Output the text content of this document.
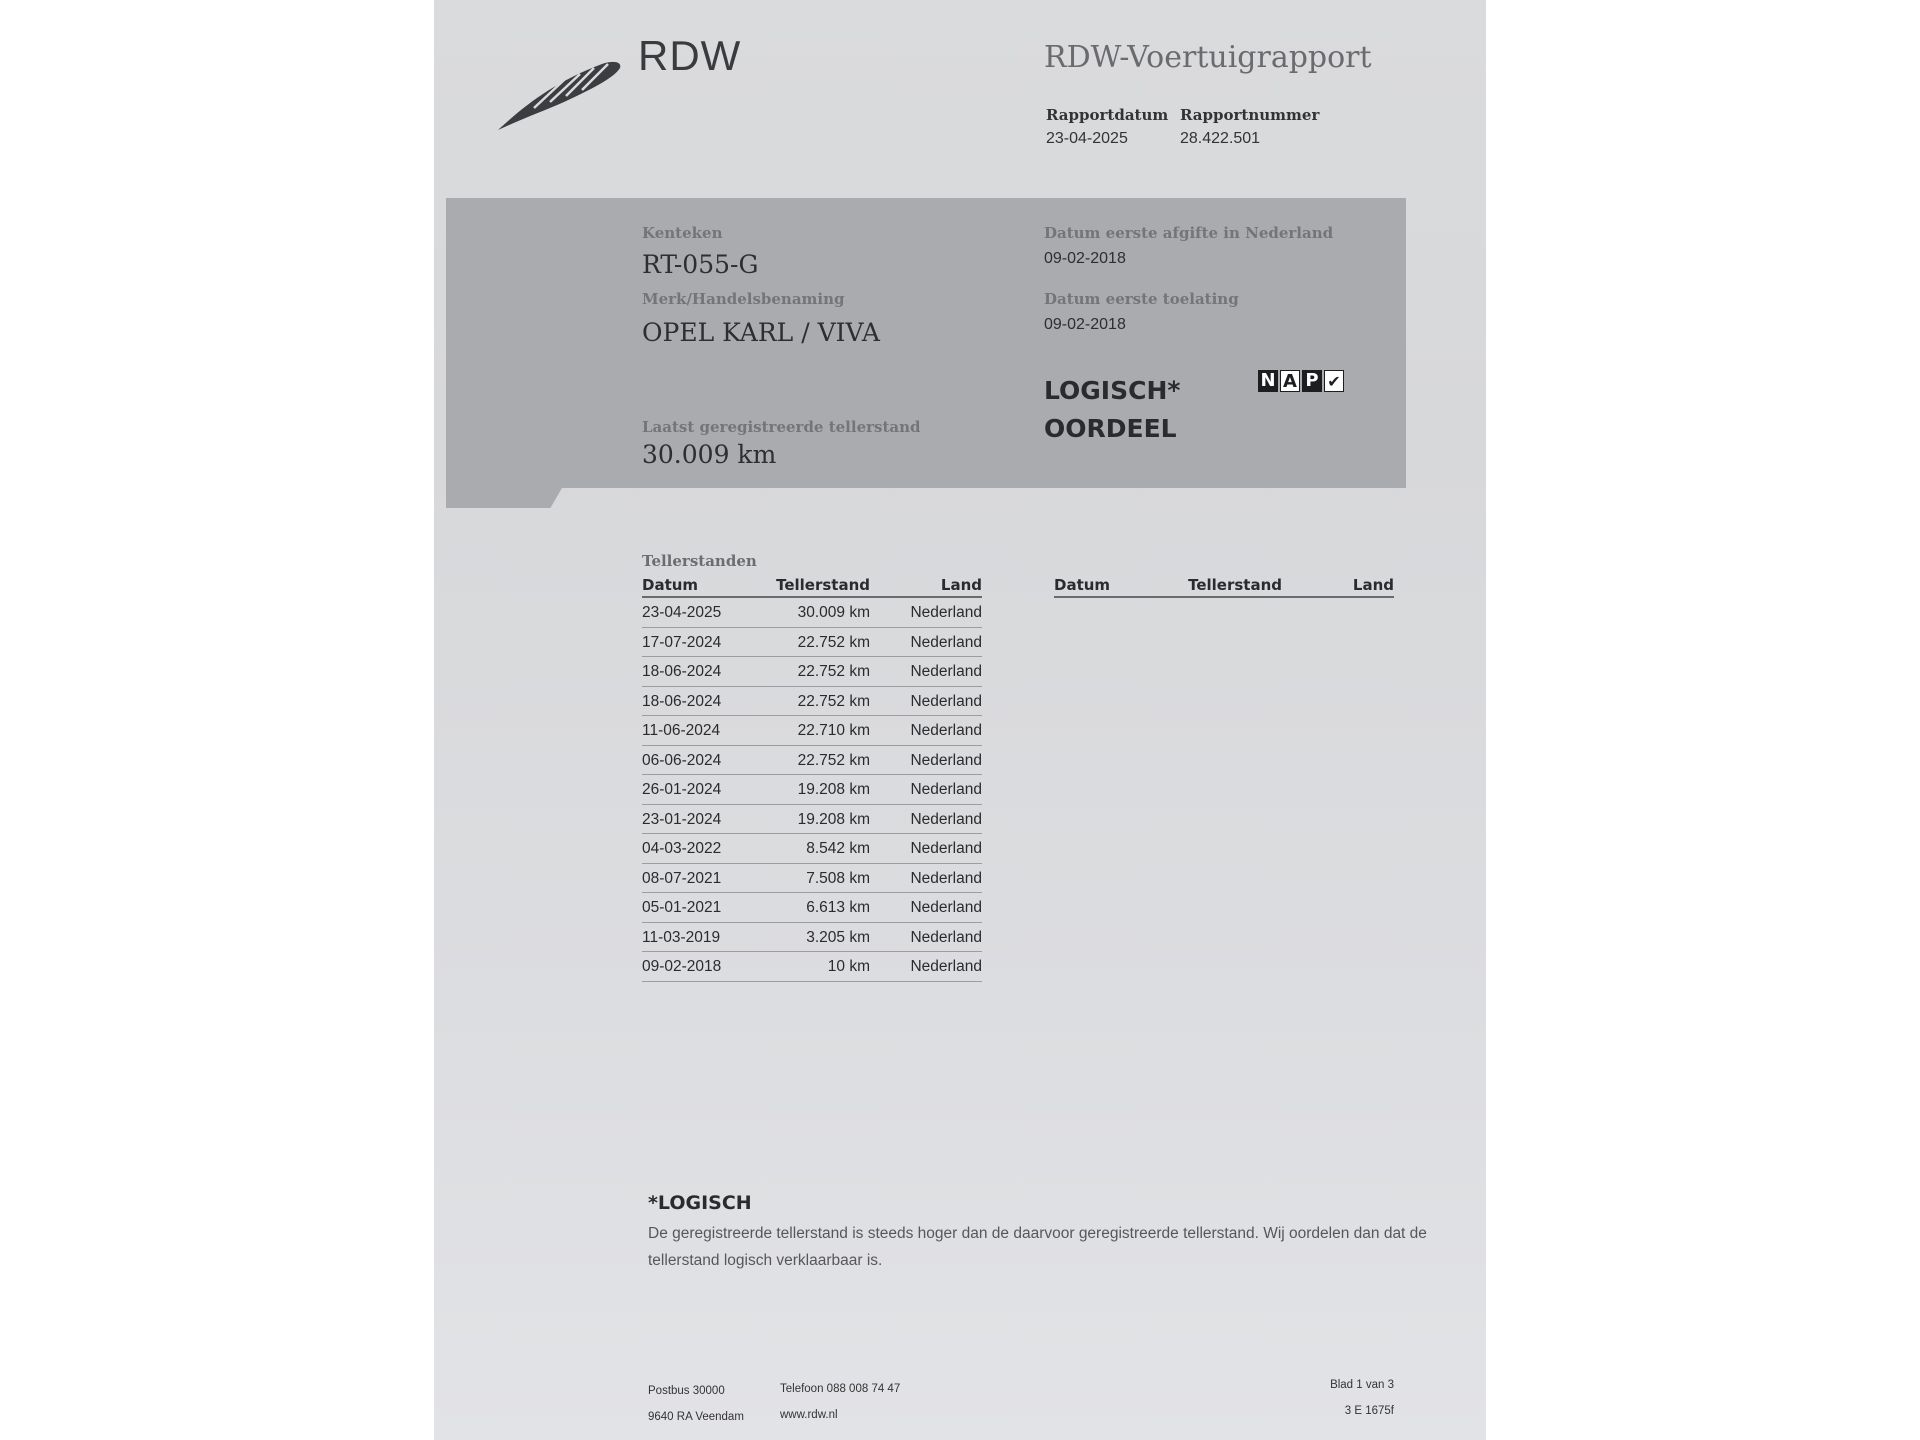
RDW	RDW-Voertuigrapport
Rapportdatum
23-04-2025
Rapportnummer
28.422.501
Kenteken
RT-055-G
Merk/Handelsbenaming
OPEL KARL / VIVA
Laatst geregistreerde tellerstand
30.009 km
Datum eerste afgifte in Nederland
09-02-2018
Datum eerste toelating
09-02-2018
LOGISCH*
OORDEEL
N A P ✔
Tellerstanden
Datum	Tellerstand	Land
23-04-2025	30.009 km	Nederland
17-07-2024	22.752 km	Nederland
18-06-2024	22.752 km	Nederland
18-06-2024	22.752 km	Nederland
11-06-2024	22.710 km	Nederland
06-06-2024	22.752 km	Nederland
26-01-2024	19.208 km	Nederland
23-01-2024	19.208 km	Nederland
04-03-2022	8.542 km	Nederland
08-07-2021	7.508 km	Nederland
05-01-2021	6.613 km	Nederland
11-03-2019	3.205 km	Nederland
09-02-2018	10 km	Nederland
Datum	Tellerstand	Land
*LOGISCH
De geregistreerde tellerstand is steeds hoger dan de daarvoor geregistreerde tellerstand. Wij oordelen dan dat de tellerstand logisch verklaarbaar is.
Postbus 30000
9640 RA Veendam
Telefoon 088 008 74 47
www.rdw.nl
Blad 1 van 3
3 E 1675f
